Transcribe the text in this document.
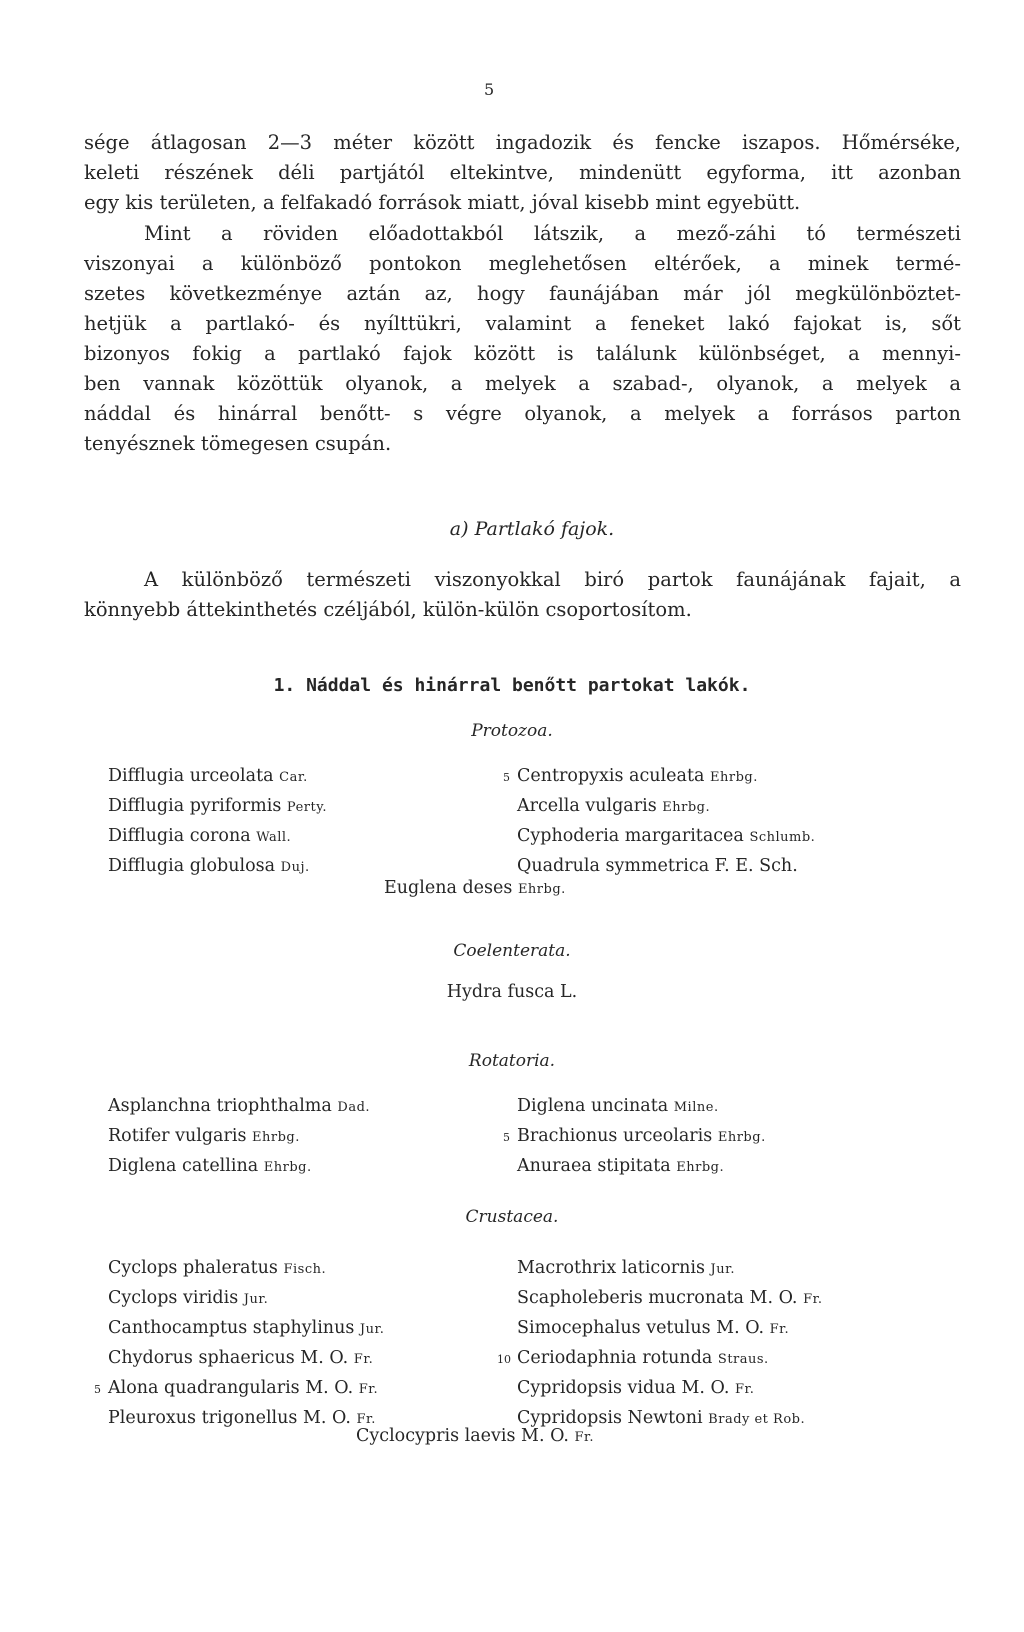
5
sége átlagosan 2—3 méter között ingadozik és fencke iszapos. Hőmérséke,
keleti részének déli partjától eltekintve, mindenütt egyforma, itt azonban
egy kis területen, a felfakadó források miatt, jóval kisebb mint egyebütt.
Mint a röviden előadottakból látszik, a mező-záhi tó természeti
viszonyai a különböző pontokon meglehetősen eltérőek, a minek termé-
szetes következménye aztán az, hogy faunájában már jól megkülönböztet-
hetjük a partlakó- és nyílttükri, valamint a feneket lakó fajokat is, sőt
bizonyos fokig a partlakó fajok között is találunk különbséget, a mennyi-
ben vannak közöttük olyanok, a melyek a szabad-, olyanok, a melyek a
náddal és hinárral benőtt- s végre olyanok, a melyek a forrásos parton
tenyésznek tömegesen csupán.
a) Partlakó fajok.
A különböző természeti viszonyokkal biró partok faunájának fajait, a
könnyebb áttekinthetés czéljából, külön-külön csoportosítom.
1. Náddal és hinárral benőtt partokat lakók.
Protozoa.
Difflugia urceolata Car.
Difflugia pyriformis Perty.
Difflugia corona Wall.
Difflugia globulosa Duj.
5 Centropyxis aculeata Ehrbg.
Arcella vulgaris Ehrbg.
Cyphoderia margaritacea Schlumb.
Quadrula symmetrica F. E. Sch.
Euglena deses Ehrbg.
Coelenterata.
Hydra fusca L.
Rotatoria.
Asplanchna triophthalma Dad.
Rotifer vulgaris Ehrbg.
Diglena catellina Ehrbg.
Diglena uncinata Milne.
5 Brachionus urceolaris Ehrbg.
Anuraea stipitata Ehrbg.
Crustacea.
Cyclops phaleratus Fisch.
Cyclops viridis Jur.
Canthocamptus staphylinus Jur.
Chydorus sphaericus M. O. Fr.
5 Alona quadrangularis M. O. Fr.
Pleuroxus trigonellus M. O. Fr.
Macrothrix laticornis Jur.
Scapholeberis mucronata M. O. Fr.
Simocephalus vetulus M. O. Fr.
10 Ceriodaphnia rotunda Straus.
Cypridopsis vidua M. O. Fr.
Cypridopsis Newtoni Brady et Rob.
Cyclocypris laevis M. O. Fr.
